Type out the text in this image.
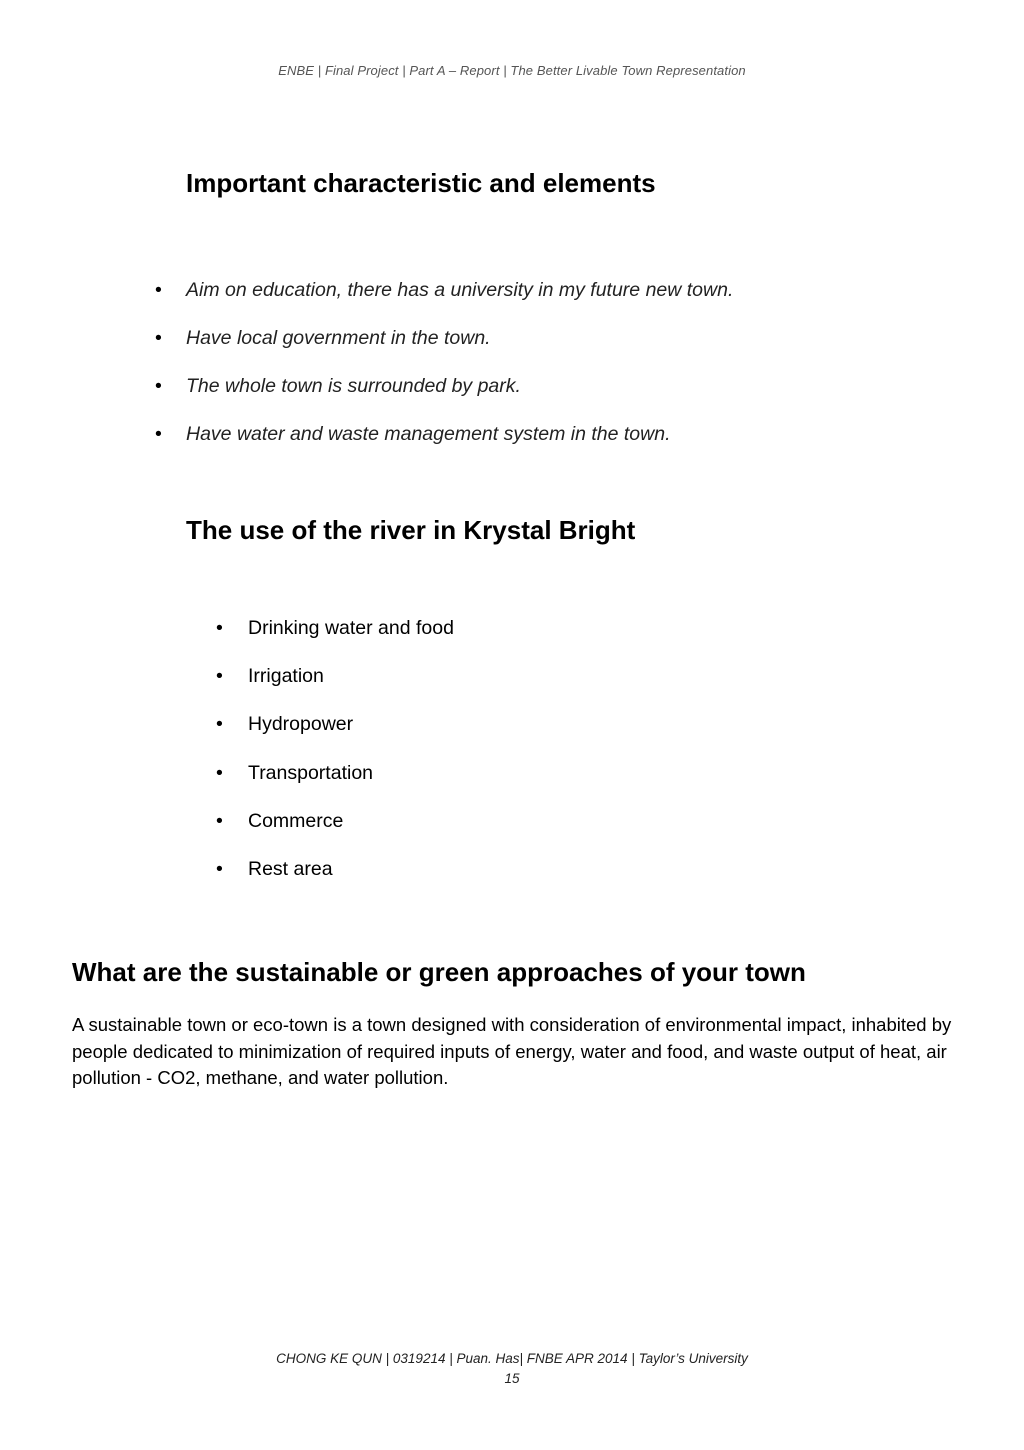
ENBE | Final Project | Part A – Report | The Better Livable Town Representation
Important characteristic and elements
• Aim on education, there has a university in my future new town.
• Have local government in the town.
• The whole town is surrounded by park.
• Have water and waste management system in the town.
The use of the river in Krystal Bright
• Drinking water and food
• Irrigation
• Hydropower
• Transportation
• Commerce
• Rest area
What are the sustainable or green approaches of your town

A sustainable town or eco-town is a town designed with consideration of environmental impact, inhabited by people dedicated to minimization of required inputs of energy, water and food, and waste output of heat, air pollution - CO2, methane, and water pollution.

CHONG KE QUN | 0319214 | Puan. Has| FNBE APR 2014 | Taylor’s University
15
